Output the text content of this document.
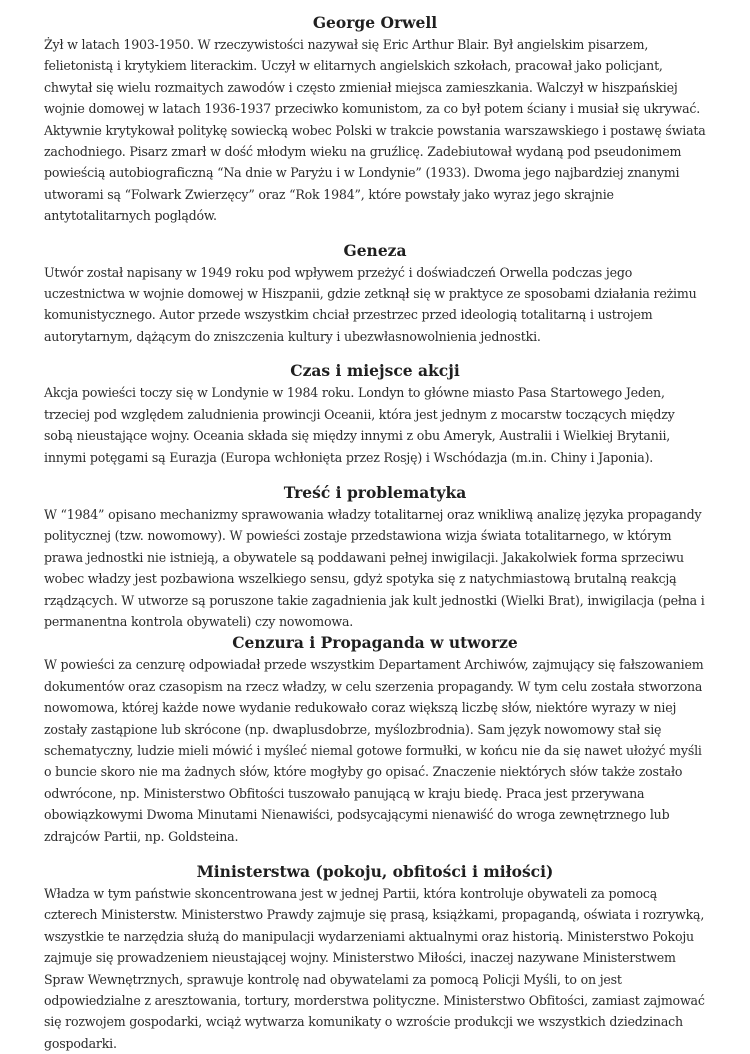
George Orwell

Żył w latach 1903-1950. W rzeczywistości nazywał się Eric Arthur Blair. Był angielskim pisarzem, felietonistą i krytykiem literackim. Uczył w elitarnych angielskich szkołach, pracował jako policjant, chwytał się wielu rozmaitych zawodów i często zmieniał miejsca zamieszkania. Walczył w hiszpańskiej wojnie domowej w latach 1936-1937 przeciwko komunistom, za co był potem ściany i musiał się ukrywać. Aktywnie krytykował politykę sowiecką wobec Polski w trakcie powstania warszawskiego i postawę świata zachodniego. Pisarz zmarł w dość młodym wieku na gruźlicę. Zadebiutował wydaną pod pseudonimem powieścią autobiograficzną “Na dnie w Paryżu i w Londynie” (1933). Dwoma jego najbardziej znanymi utworami są “Folwark Zwierzęcy” oraz “Rok 1984”, które powstały jako wyraz jego skrajnie antytotalitarnych poglądów.

Geneza

Utwór został napisany w 1949 roku pod wpływem przeżyć i doświadczeń Orwella podczas jego uczestnictwa w wojnie domowej w Hiszpanii, gdzie zetknął się w praktyce ze sposobami działania reżimu komunistycznego. Autor przede wszystkim chciał przestrzec przed ideologią totalitarną i ustrojem autorytarnym, dążącym do zniszczenia kultury i ubezwłasnowolnienia jednostki.

Czas i miejsce akcji

Akcja powieści toczy się w Londynie w 1984 roku. Londyn to główne miasto Pasa Startowego Jeden, trzeciej pod względem zaludnienia prowincji Oceanii, która jest jednym z mocarstw toczących między sobą nieustające wojny. Oceania składa się między innymi z obu Ameryk, Australii i Wielkiej Brytanii, innymi potęgami są Eurazja (Europa wchłonięta przez Rosję) i Wschódazja (m.in. Chiny i Japonia).

Treść i problematyka

W “1984” opisano mechanizmy sprawowania władzy totalitarnej oraz wnikliwą analizę języka propagandy politycznej (tzw. nowomowy). W powieści zostaje przedstawiona wizja świata totalitarnego, w którym prawa jednostki nie istnieją, a obywatele są poddawani pełnej inwigilacji. Jakakolwiek forma sprzeciwu wobec władzy jest pozbawiona wszelkiego sensu, gdyż spotyka się z natychmiastową brutalną reakcją rządzących. W utworze są poruszone takie zagadnienia jak kult jednostki (Wielki Brat), inwigilacja (pełna i permanentna kontrola obywateli) czy nowomowa.

Cenzura i Propaganda w utworze

W powieści za cenzurę odpowiadał przede wszystkim Departament Archiwów, zajmujący się fałszowaniem dokumentów oraz czasopism na rzecz władzy, w celu szerzenia propagandy. W tym celu została stworzona nowomowa, której każde nowe wydanie redukowało coraz większą liczbę słów, niektóre wyrazy w niej zostały zastąpione lub skrócone (np. dwaplusdobrze, myślozbrodnia). Sam język nowomowy stał się schematyczny, ludzie mieli mówić i myśleć niemal gotowe formułki, w końcu nie da się nawet ułożyć myśli o buncie skoro nie ma żadnych słów, które mogłyby go opisać. Znaczenie niektórych słów także zostało odwrócone, np. Ministerstwo Obfitości tuszowało panującą w kraju biedę. Praca jest przerywana obowiązkowymi Dwoma Minutami Nienawiści, podsycającymi nienawiść do wroga zewnętrznego lub zdrajców Partii, np. Goldsteina.

Ministerstwa (pokoju, obfitości i miłości)

Władza w tym państwie skoncentrowana jest w jednej Partii, która kontroluje obywateli za pomocą czterech Ministerstw. Ministerstwo Prawdy zajmuje się prasą, książkami, propagandą, oświata i rozrywką, wszystkie te narzędzia służą do manipulacji wydarzeniami aktualnymi oraz historią. Ministerstwo Pokoju zajmuje się prowadzeniem nieustającej wojny. Ministerstwo Miłości, inaczej nazywane Ministerstwem Spraw Wewnętrznych, sprawuje kontrolę nad obywatelami za pomocą Policji Myśli, to on jest odpowiedzialne z aresztowania, tortury, morderstwa polityczne. Ministerstwo Obfitości, zamiast zajmować się rozwojem gospodarki, wciąż wytwarza komunikaty o wzroście produkcji we wszystkich dziedzinach gospodarki.
